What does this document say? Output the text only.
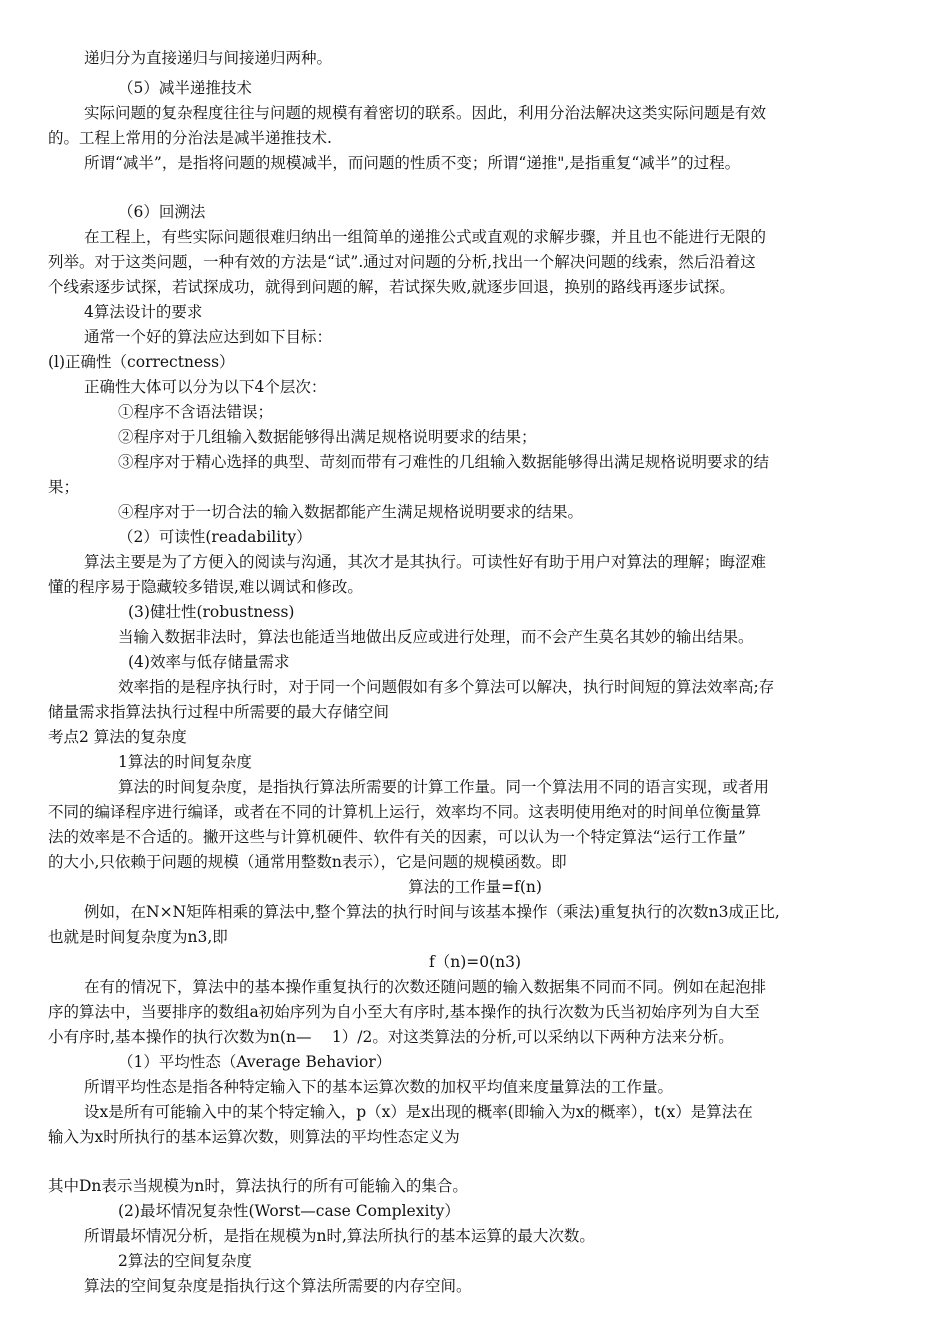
递归分为直接递归与间接递归两种。
（5）减半递推技术
实际问题的复杂程度往往与问题的规模有着密切的联系。因此，利用分治法解决这类实际问题是有效
的。工程上常用的分治法是减半递推技术.
所谓“减半”，是指将问题的规模减半，而问题的性质不变；所谓“递推",是指重复“减半”的过程。
（6）回溯法
在工程上，有些实际问题很难归纳出一组简单的递推公式或直观的求解步骤，并且也不能进行无限的
列举。对于这类问题，一种有效的方法是“试”.通过对问题的分析,找出一个解决问题的线索，然后沿着这
个线索逐步试探，若试探成功，就得到问题的解，若试探失败,就逐步回退，换别的路线再逐步试探。
4算法设计的要求
通常一个好的算法应达到如下目标：
(l)正确性（correctness）
正确性大体可以分为以下4个层次：
①程序不含语法错误；
②程序对于几组输入数据能够得出满足规格说明要求的结果；
③程序对于精心选择的典型、苛刻而带有刁难性的几组输入数据能够得出满足规格说明要求的结
果；
④程序对于一切合法的输入数据都能产生满足规格说明要求的结果。
（2）可读性(readability）
算法主要是为了方便入的阅读与沟通，其次才是其执行。可读性好有助于用户对算法的理解；晦涩难
懂的程序易于隐藏较多错误,难以调试和修改。
(3)健壮性(robustness)
当输入数据非法时，算法也能适当地做出反应或进行处理，而不会产生莫名其妙的输出结果。
(4)效率与低存储量需求
效率指的是程序执行时，对于同一个问题假如有多个算法可以解决，执行时间短的算法效率高;存
储量需求指算法执行过程中所需要的最大存储空间
考点2 算法的复杂度
1算法的时间复杂度
算法的时间复杂度，是指执行算法所需要的计算工作量。同一个算法用不同的语言实现，或者用
不同的编译程序进行编译，或者在不同的计算机上运行，效率均不同。这表明使用绝对的时间单位衡量算
法的效率是不合适的。撇开这些与计算机硬件、软件有关的因素，可以认为一个特定算法“运行工作量”
的大小,只依赖于问题的规模（通常用整数n表示），它是问题的规模函数。即
算法的工作量=f(n)
例如，在N×N矩阵相乘的算法中,整个算法的执行时间与该基本操作（乘法)重复执行的次数n3成正比,
也就是时间复杂度为n3,即
f（n)=0(n3)
在有的情况下，算法中的基本操作重复执行的次数还随问题的输入数据集不同而不同。例如在起泡排
序的算法中，当要排序的数组a初始序列为自小至大有序时,基本操作的执行次数为氏当初始序列为自大至
小有序时,基本操作的执行次数为n(n—　 1）/2。对这类算法的分析,可以采纳以下两种方法来分析。
（1）平均性态（Average Behavior）
所谓平均性态是指各种特定输入下的基本运算次数的加权平均值来度量算法的工作量。
设x是所有可能输入中的某个特定输入，p（x）是x出现的概率(即输入为x的概率），t(x）是算法在
输入为x时所执行的基本运算次数，则算法的平均性态定义为
其中Dn表示当规模为n时，算法执行的所有可能输入的集合。
(2)最坏情况复杂性(Worst—case Complexity）
所谓最坏情况分析，是指在规模为n时,算法所执行的基本运算的最大次数。
2算法的空间复杂度
算法的空间复杂度是指执行这个算法所需要的内存空间。
